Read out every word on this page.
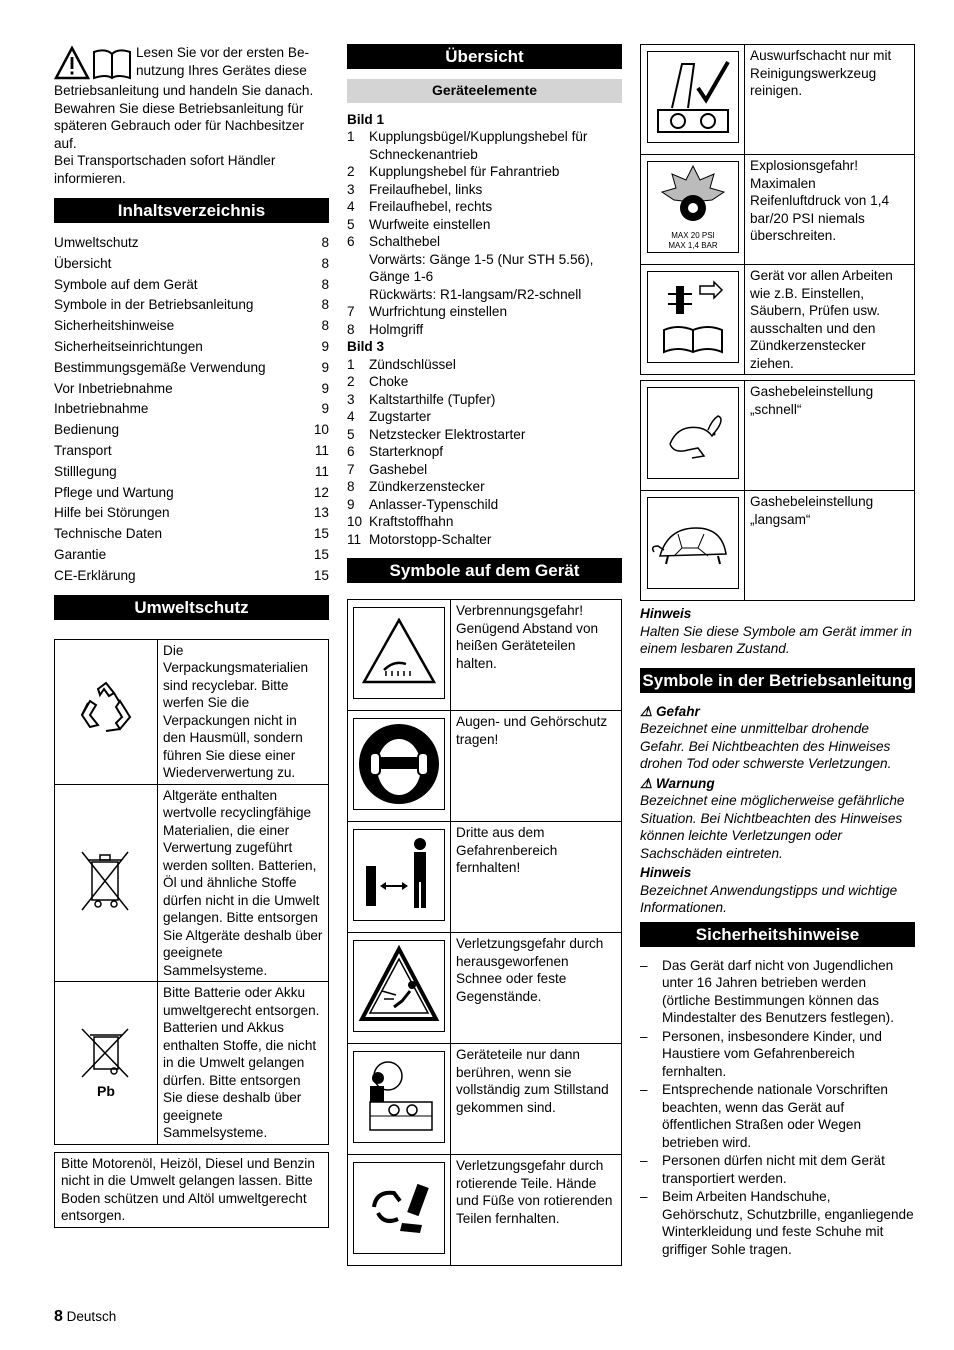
Lesen Sie vor der ersten Be-

nutzung Ihres Gerätes diese

Betriebsanleitung und handeln Sie danach. Bewahren Sie diese Betriebsanleitung für späteren Gebrauch oder für Nachbesitzer auf.

Bei Transportschaden sofort Händler informieren.

Inhaltsverzeichnis
Umweltschutz	8
Übersicht	8
Symbole auf dem Gerät	8
Symbole in der Betriebsanleitung	8
Sicherheitshinweise	8
Sicherheitseinrichtungen	9
Bestimmungsgemäße Verwendung	9
Vor Inbetriebnahme	9
Inbetriebnahme	9
Bedienung	10
Transport	11
Stilllegung	11
Pflege und Wartung	12
Hilfe bei Störungen	13
Technische Daten	15
Garantie	15
CE-Erklärung	15
Umweltschutz
	Die Verpackungsmaterialien sind recyclebar. Bitte werfen Sie die Verpackungen nicht in den Hausmüll, sondern führen Sie diese einer Wiederverwertung zu.
	Altgeräte enthalten wertvolle recyclingfähige Materialien, die einer Verwertung zugeführt werden sollten. Batterien, Öl und ähnliche Stoffe dürfen nicht in die Umwelt gelangen. Bitte entsorgen Sie Altgeräte deshalb über geeignete Sammelsysteme.

Pb	Bitte Batterie oder Akku umweltgerecht entsorgen. Batterien und Akkus enthalten Stoffe, die nicht in die Umwelt gelangen dürfen. Bitte entsorgen Sie diese deshalb über geeignete Sammelsysteme.
Bitte Motorenöl, Heizöl, Diesel und Benzin nicht in die Umwelt gelangen lassen. Bitte Boden schützen und Altöl umweltgerecht entsorgen.
Übersicht
Geräteelemente
Bild 1
1	Kupplungsbügel/Kupplungshebel für Schneckenantrieb
2	Kupplungshebel für Fahrantrieb
3	Freilaufhebel, links
4	Freilaufhebel, rechts
5	Wurfweite einstellen
6	Schalthebel
Vorwärts: Gänge 1-5 (Nur STH 5.56), Gänge 1-6
Rückwärts: R1-langsam/R2-schnell
7	Wurfrichtung einstellen
8	Holmgriff
Bild 3
1	Zündschlüssel
2	Choke
3	Kaltstarthilfe (Tupfer)
4	Zugstarter
5	Netzstecker Elektrostarter
6	Starterknopf
7	Gashebel
8	Zündkerzenstecker
9	Anlasser-Typenschild
10 Kraftstoffhahn
11 Motorstopp-Schalter
Symbole auf dem Gerät
	Verbrennungsgefahr! Genügend Abstand von heißen Geräteteilen halten.

	Augen- und Gehörschutz tragen!

	Dritte aus dem Gefahrenbereich fernhalten!

	Verletzungsgefahr durch herausgeworfenen Schnee oder feste Gegenstände.

	Geräteteile nur dann berühren, wenn sie vollständig zum Stillstand gekommen sind.

	Verletzungsgefahr durch rotierende Teile. Hände und Füße von rotierenden Teilen fernhalten.
	Auswurfschacht nur mit Reinigungswerkzeug reinigen.

MAX 20 PSI
MAX 1,4 BAR	Explosionsgefahr! Maximalen Reifenluftdruck von 1,4 bar/20 PSI niemals überschreiten.

	Gerät vor allen Arbeiten wie z.B. Einstellen, Säubern, Prüfen usw. ausschalten und den Zündkerzenstecker ziehen.
	Gashebeleinstellung „schnell“

	Gashebeleinstellung „langsam“
Hinweis
Halten Sie diese Symbole am Gerät immer in einem lesbaren Zustand.
Symbole in der Betriebsanleitung
⚠ Gefahr
Bezeichnet eine unmittelbar drohende Gefahr. Bei Nichtbeachten des Hinweises drohen Tod oder schwerste Verletzungen.
⚠ Warnung
Bezeichnet eine möglicherweise gefährliche Situation. Bei Nichtbeachten des Hinweises können leichte Verletzungen oder Sachschäden eintreten.
Hinweis
Bezeichnet Anwendungstipps und wichtige Informationen.
Sicherheitshinweise
–	Das Gerät darf nicht von Jugendlichen unter 16 Jahren betrieben werden (örtliche Bestimmungen können das Mindestalter des Benutzers festlegen).
–	Personen, insbesondere Kinder, und Haustiere vom Gefahrenbereich fernhalten.
–	Entsprechende nationale Vorschriften beachten, wenn das Gerät auf öffentlichen Straßen oder Wegen betrieben wird.
–	Personen dürfen nicht mit dem Gerät transportiert werden.
–	Beim Arbeiten Handschuhe, Gehörschutz, Schutzbrille, enganliegende Winterkleidung und feste Schuhe mit griffiger Sohle tragen.
8 Deutsch
